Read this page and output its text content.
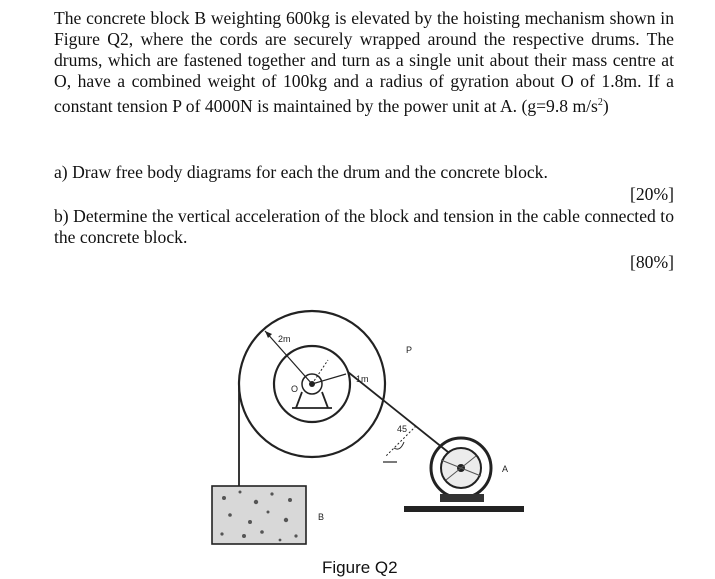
The concrete block B weighting 600kg is elevated by the hoisting mechanism shown in Figure Q2, where the cords are securely wrapped around the respective drums. The drums, which are fastened together and turn as a single unit about their mass centre at O, have a combined weight of 100kg and a radius of gyration about O of 1.8m. If a constant tension P of 4000N is maintained by the power unit at A. (g=9.8 $m/s^2$)

a) Draw free body diagrams for each the drum and the concrete block.

[20%]

b) Determine the vertical acceleration of the block and tension in the cable connected to the concrete block.

[80%]
2m
1m
O
P
45
B
A
Figure Q2
